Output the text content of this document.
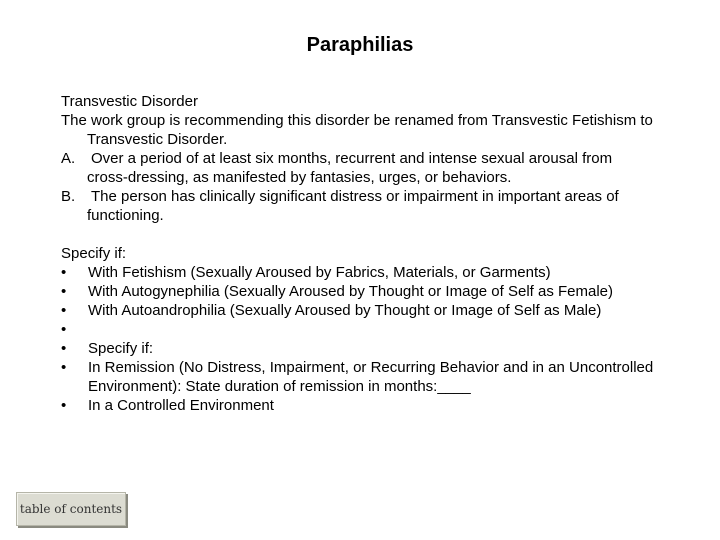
Paraphilias
Transvestic Disorder
The work group is recommending this disorder be renamed from Transvestic Fetishism to Transvestic Disorder.
A. Over a period of at least six months, recurrent and intense sexual arousal from cross‑dressing, as manifested by fantasies, urges, or behaviors.
B. The person has clinically significant distress or impairment in important areas of functioning.
Specify if:
• With Fetishism (Sexually Aroused by Fabrics, Materials, or Garments)
• With Autogynephilia (Sexually Aroused by Thought or Image of Self as Female)
• With Autoandrophilia (Sexually Aroused by Thought or Image of Self as Male)
•
• Specify if:
• In Remission (No Distress, Impairment, or Recurring Behavior and in an Uncontrolled Environment): State duration of remission in months:____
• In a Controlled Environment
table of contents
